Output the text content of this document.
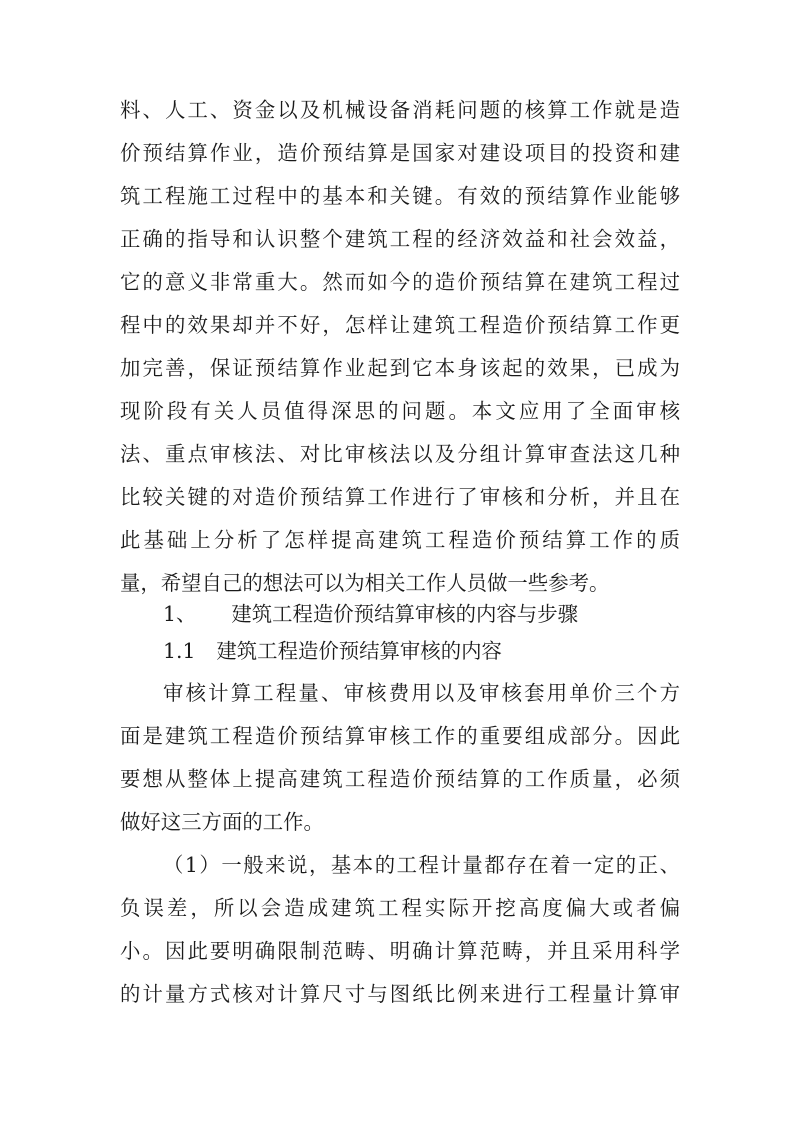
料、人工、资金以及机械设备消耗问题的核算工作就是造
价预结算作业，造价预结算是国家对建设项目的投资和建
筑工程施工过程中的基本和关键。有效的预结算作业能够
正确的指导和认识整个建筑工程的经济效益和社会效益，
它的意义非常重大。然而如今的造价预结算在建筑工程过
程中的效果却并不好，怎样让建筑工程造价预结算工作更
加完善，保证预结算作业起到它本身该起的效果，已成为
现阶段有关人员值得深思的问题。本文应用了全面审核
法、重点审核法、对比审核法以及分组计算审查法这几种
比较关键的对造价预结算工作进行了审核和分析，并且在
此基础上分析了怎样提高建筑工程造价预结算工作的质
量，希望自己的想法可以为相关工作人员做一些参考。
1、 建筑工程造价预结算审核的内容与步骤
1.1 建筑工程造价预结算审核的内容
审核计算工程量、审核费用以及审核套用单价三个方
面是建筑工程造价预结算审核工作的重要组成部分。因此
要想从整体上提高建筑工程造价预结算的工作质量，必须
做好这三方面的工作。
（1）一般来说，基本的工程计量都存在着一定的正、
负误差，所以会造成建筑工程实际开挖高度偏大或者偏
小。因此要明确限制范畴、明确计算范畴，并且采用科学
的计量方式核对计算尺寸与图纸比例来进行工程量计算审
